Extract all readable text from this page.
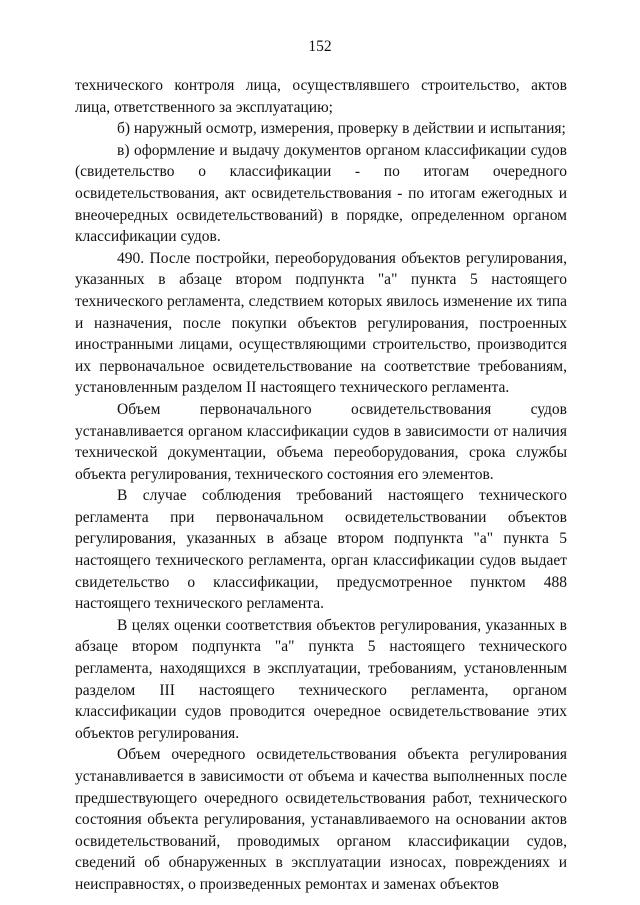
152

технического контроля лица, осуществлявшего строительство, актов лица, ответственного за эксплуатацию;

б) наружный осмотр, измерения, проверку в действии и испытания;

в) оформление и выдачу документов органом классификации судов (свидетельство о классификации - по итогам очередного освидетельствования, акт освидетельствования - по итогам ежегодных и внеочередных освидетельствований) в порядке, определенном органом классификации судов.

490. После постройки, переоборудования объектов регулирования, указанных в абзаце втором подпункта "а" пункта 5 настоящего технического регламента, следствием которых явилось изменение их типа и назначения, после покупки объектов регулирования, построенных иностранными лицами, осуществляющими строительство, производится их первоначальное освидетельствование на соответствие требованиям, установленным разделом II настоящего технического регламента.

Объем первоначального освидетельствования судов устанавливается органом классификации судов в зависимости от наличия технической документации, объема переоборудования, срока службы объекта регулирования, технического состояния его элементов.

В случае соблюдения требований настоящего технического регламента при первоначальном освидетельствовании объектов регулирования, указанных в абзаце втором подпункта "а" пункта 5 настоящего технического регламента, орган классификации судов выдает свидетельство о классификации, предусмотренное пунктом 488 настоящего технического регламента.

В целях оценки соответствия объектов регулирования, указанных в абзаце втором подпункта "а" пункта 5 настоящего технического регламента, находящихся в эксплуатации, требованиям, установленным разделом III настоящего технического регламента, органом классификации судов проводится очередное освидетельствование этих объектов регулирования.

Объем очередного освидетельствования объекта регулирования устанавливается в зависимости от объема и качества выполненных после предшествующего очередного освидетельствования работ, технического состояния объекта регулирования, устанавливаемого на основании актов освидетельствований, проводимых органом классификации судов, сведений об обнаруженных в эксплуатации износах, повреждениях и неисправностях, о произведенных ремонтах и заменах объектов
